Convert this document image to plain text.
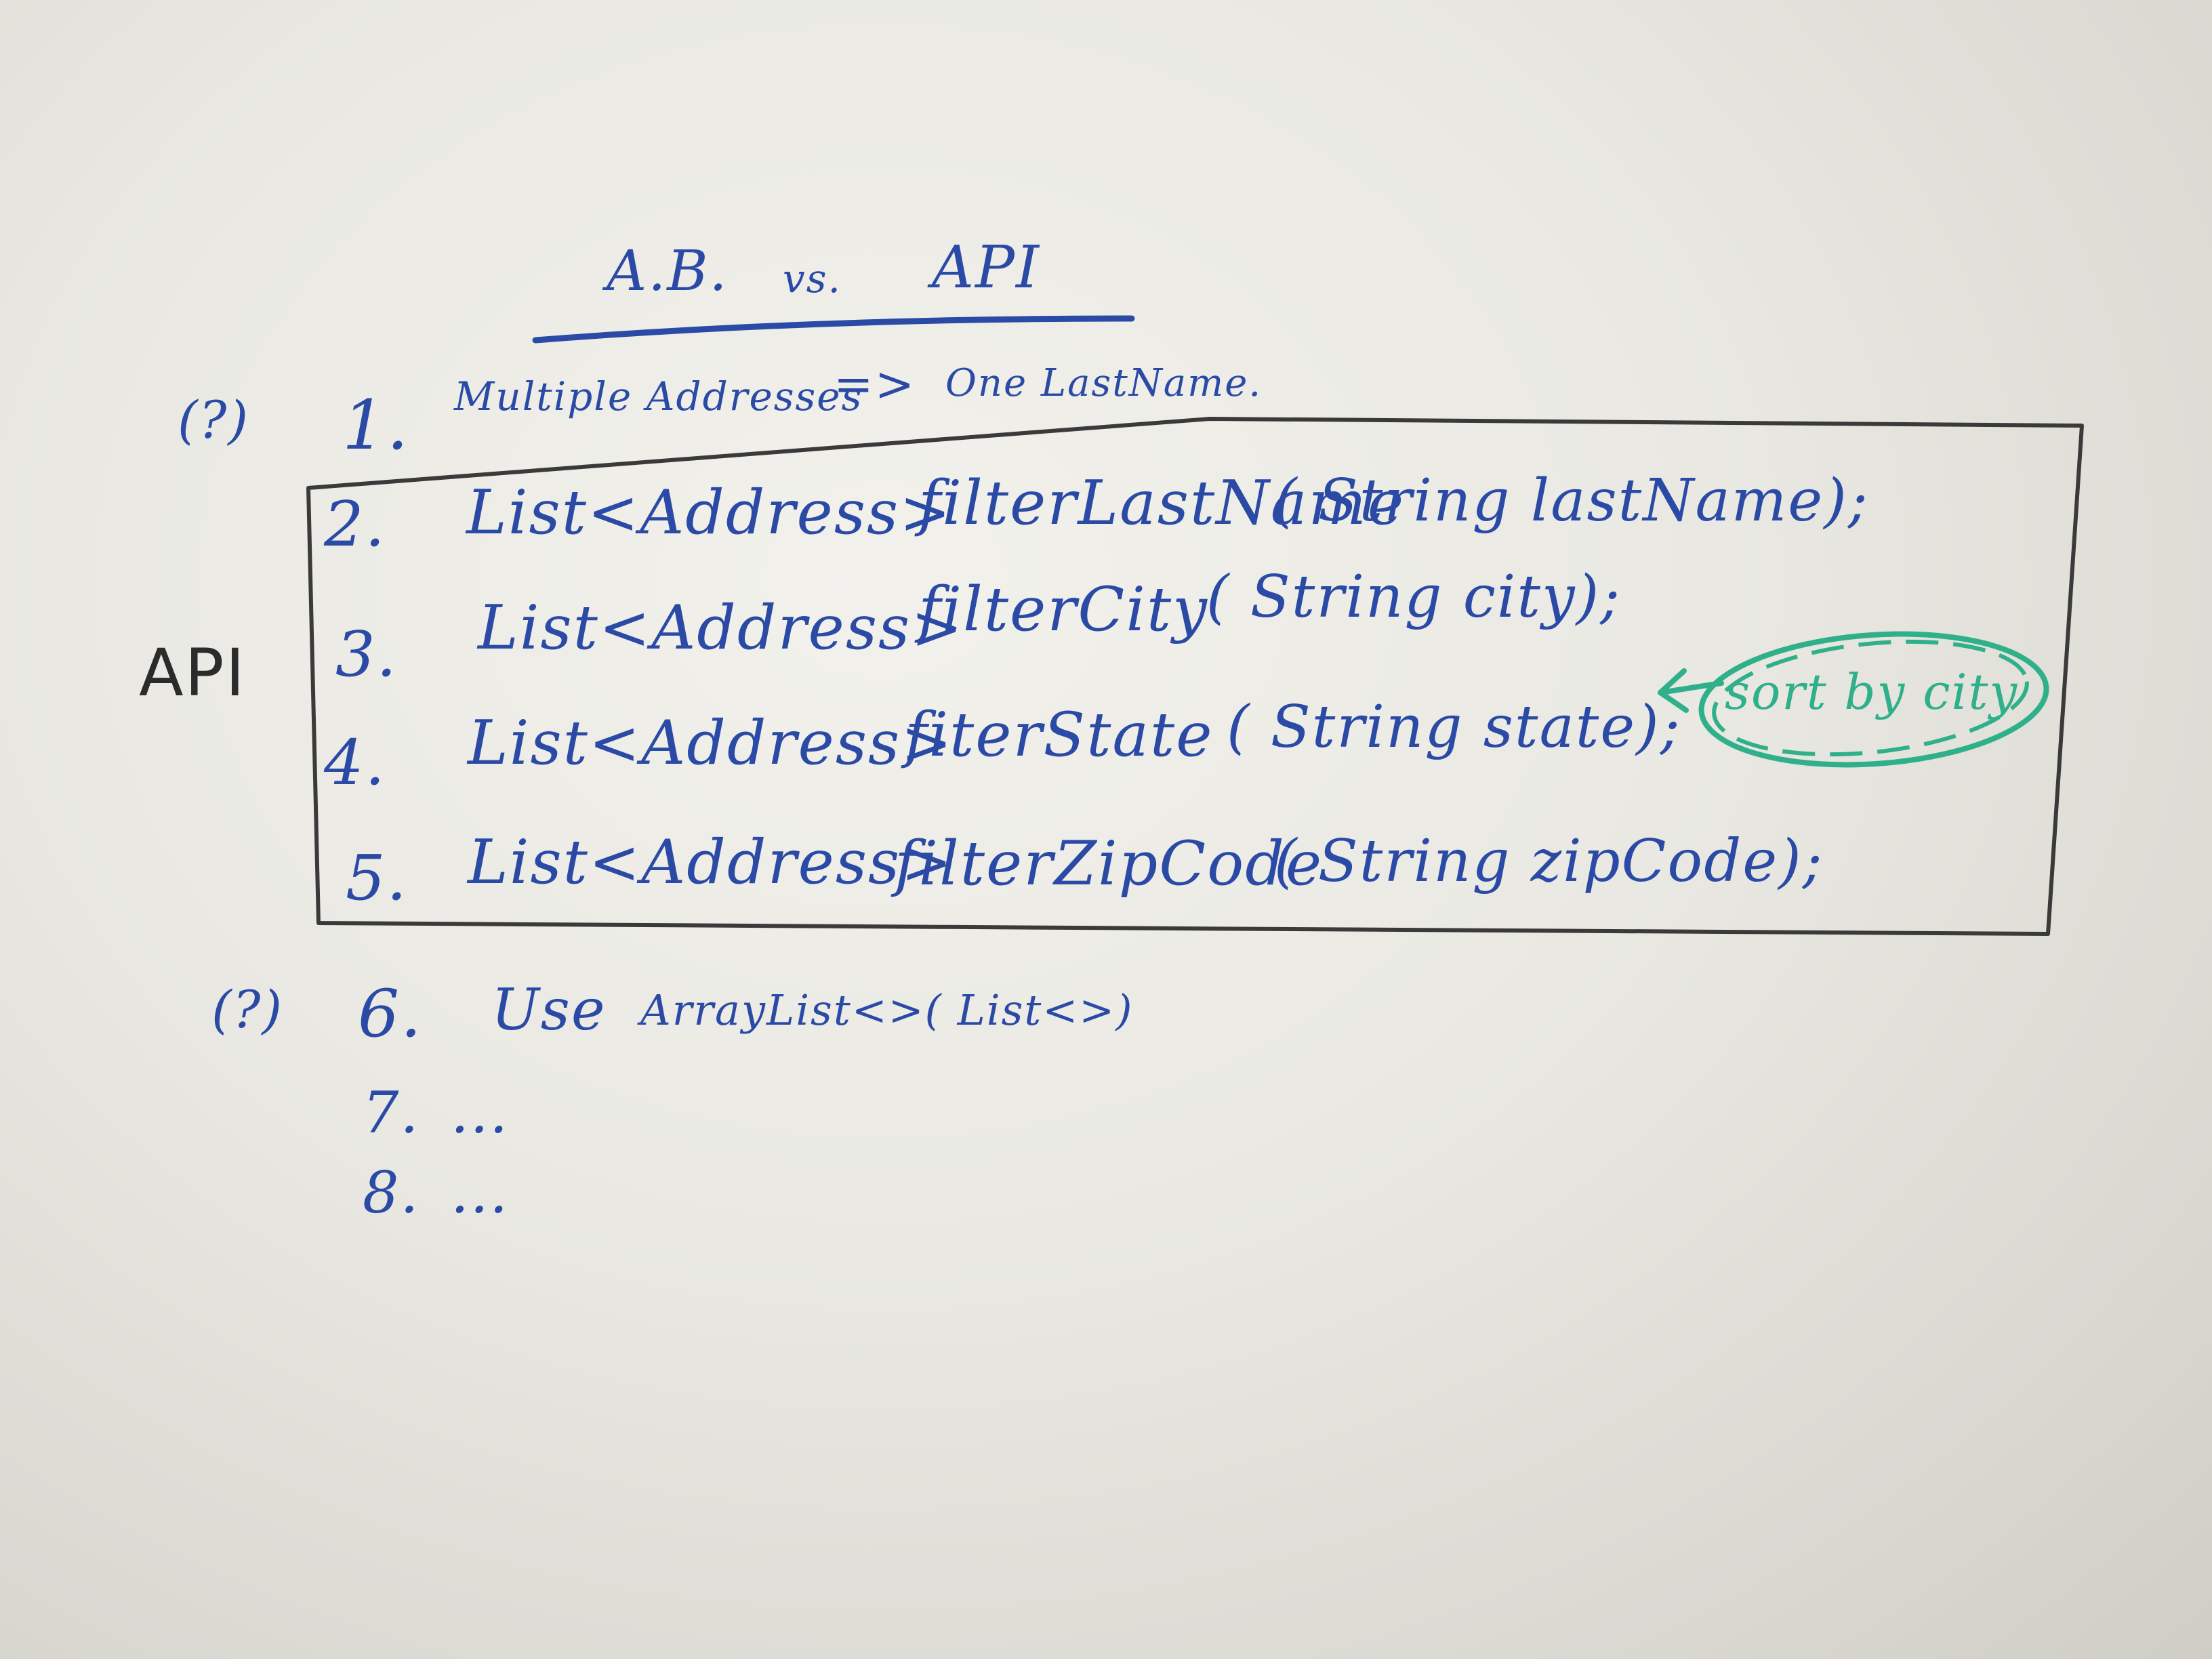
A.B. vs. API
(?) 1. Multiple Addresses
=> One LastName.
API
2. List<Address>
filterLastName
( String lastName);
3. List<Address>
filterCity
( String city);
4. List<Address>
fiterState ( String state);
5. List<Address>
filterZipCode
( String zipCode);
sort by city
(?) 6. Use ArrayList<>( List<>)
7. ...
8. ...
